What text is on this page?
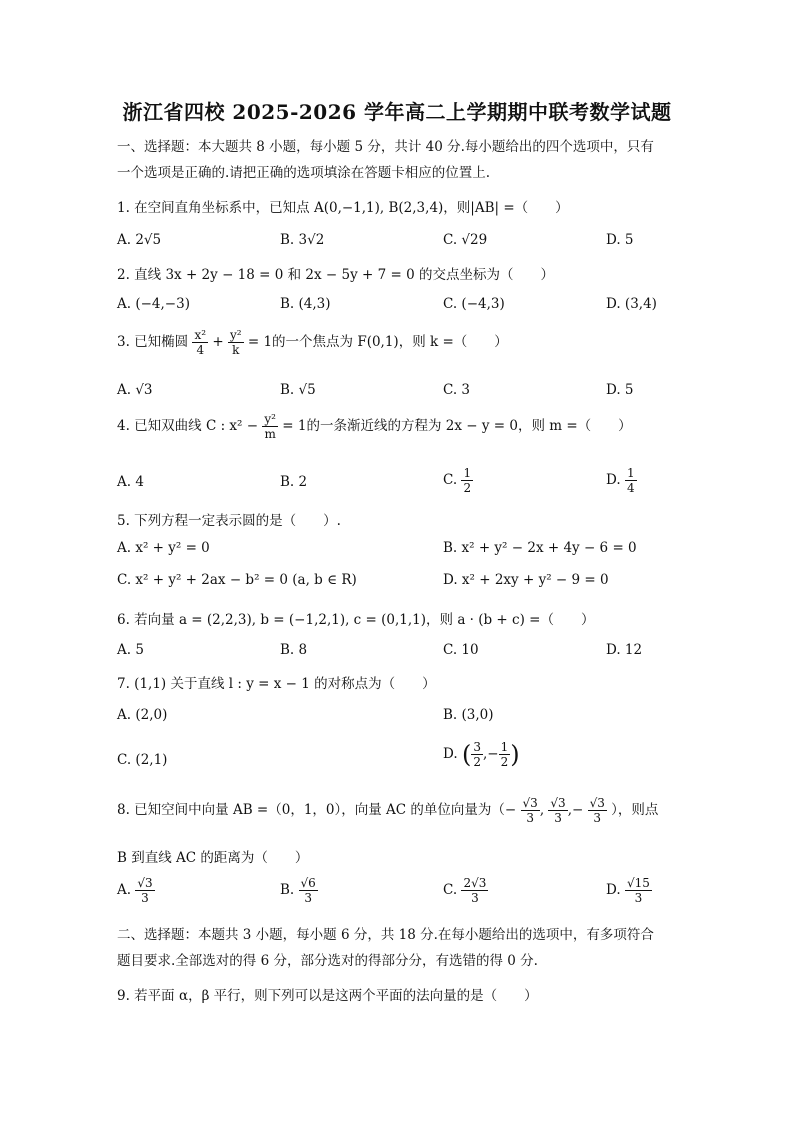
浙江省四校 2025-2026 学年高二上学期期中联考数学试题
一、选择题：本大题共 8 小题，每小题 5 分，共计 40 分.每小题给出的四个选项中，只有
一个选项是正确的.请把正确的选项填涂在答题卡相应的位置上.
1. 在空间直角坐标系中，已知点 A(0,−1,1), B(2,3,4)，则|AB| =（　　）
A. 2√5	B. 3√2	C. √29	D. 5
2. 直线 3x + 2y − 18 = 0 和 2x − 5y + 7 = 0 的交点坐标为（　　）
A. (−4,−3)	B. (4,3)	C. (−4,3)	D. (3,4)
3. 已知椭圆 $\frac{\text{x²}}{4} + \frac{\text{y²}}{k} = 1$的一个焦点为 F(0,1)，则 k =（　　）
A. √3	B. √5	C. 3	D. 5
4. 已知双曲线 C : $x^2 - \frac{\text{y²}}{m} = 1$的一条渐近线的方程为 2x − y = 0，则 m =（　　）
A. 4	B. 2	C. $\frac{1}{2}$	D. $\frac{1}{4}$
5. 下列方程一定表示圆的是（　　）.
A. x² + y² = 0	B. x² + y² − 2x + 4y − 6 = 0
C. x² + y² + 2ax − b² = 0 (a, b ∈ R)	D. x² + 2xy + y² − 9 = 0
6. 若向量 a = (2,2,3), b = (−1,2,1), c = (0,1,1)，则 a · (b + c) =（　　）
A. 5	B. 8	C. 10	D. 12
7. (1,1) 关于直线 l : y = x − 1 的对称点为（　　）
A. (2,0)	B. (3,0)
C. (2,1)	D. ( $\frac{3}{2}$ ,− $\frac{1}{2}$ )
8. 已知空间中向量 AB =（0，1，0），向量 AC 的单位向量为（− $\frac{√3}{3}$ , $\frac{√3}{3}$ ,− $\frac{√3}{3}$ ），则点
B 到直线 AC 的距离为（　　）
A. $\frac{√3}{3}$	B. $\frac{√6}{3}$	C. $\frac{2√3}{3}$	D. $\frac{√15}{3}$
二、选择题：本题共 3 小题，每小题 6 分，共 18 分.在每小题给出的选项中，有多项符合
题目要求.全部选对的得 6 分，部分选对的得部分分，有选错的得 0 分.
9. 若平面 α，β 平行，则下列可以是这两个平面的法向量的是（　　）
